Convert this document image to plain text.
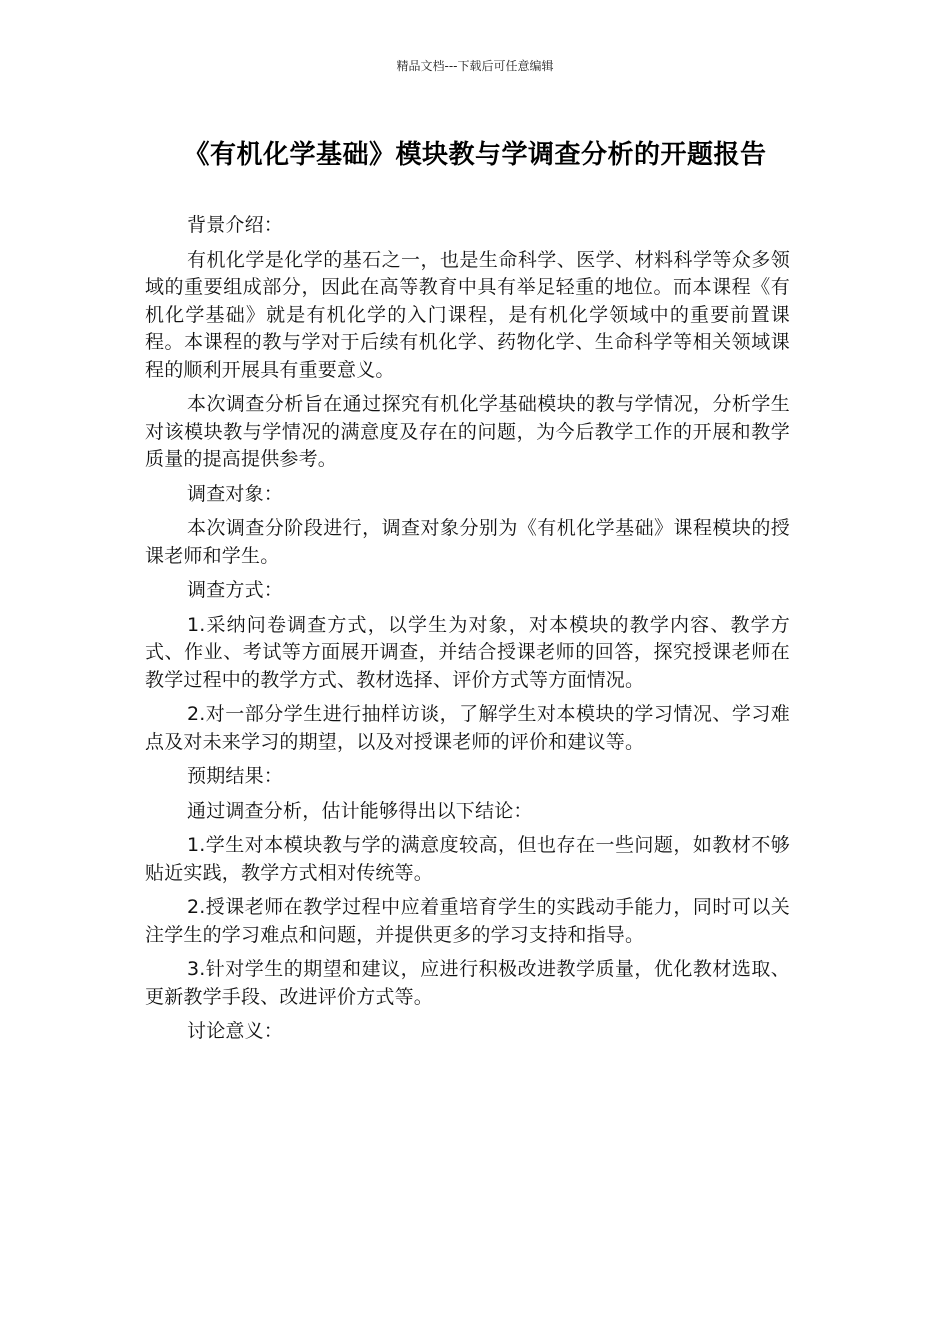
精品文档---下载后可任意编辑
《有机化学基础》模块教与学调查分析的开题报告

背景介绍：

有机化学是化学的基石之一，也是生命科学、医学、材料科学等众多领域的重要组成部分，因此在高等教育中具有举足轻重的地位。而本课程《有机化学基础》就是有机化学的入门课程，是有机化学领域中的重要前置课程。本课程的教与学对于后续有机化学、药物化学、生命科学等相关领域课程的顺利开展具有重要意义。

本次调查分析旨在通过探究有机化学基础模块的教与学情况，分析学生对该模块教与学情况的满意度及存在的问题，为今后教学工作的开展和教学质量的提高提供参考。

调查对象：

本次调查分阶段进行，调查对象分别为《有机化学基础》课程模块的授课老师和学生。

调查方式：

1.采纳问卷调查方式，以学生为对象，对本模块的教学内容、教学方式、作业、考试等方面展开调查，并结合授课老师的回答，探究授课老师在教学过程中的教学方式、教材选择、评价方式等方面情况。

2.对一部分学生进行抽样访谈，了解学生对本模块的学习情况、学习难点及对未来学习的期望，以及对授课老师的评价和建议等。

预期结果：

通过调查分析，估计能够得出以下结论：

1.学生对本模块教与学的满意度较高，但也存在一些问题，如教材不够贴近实践，教学方式相对传统等。

2.授课老师在教学过程中应着重培育学生的实践动手能力，同时可以关注学生的学习难点和问题，并提供更多的学习支持和指导。

3.针对学生的期望和建议，应进行积极改进教学质量，优化教材选取、更新教学手段、改进评价方式等。

讨论意义：
